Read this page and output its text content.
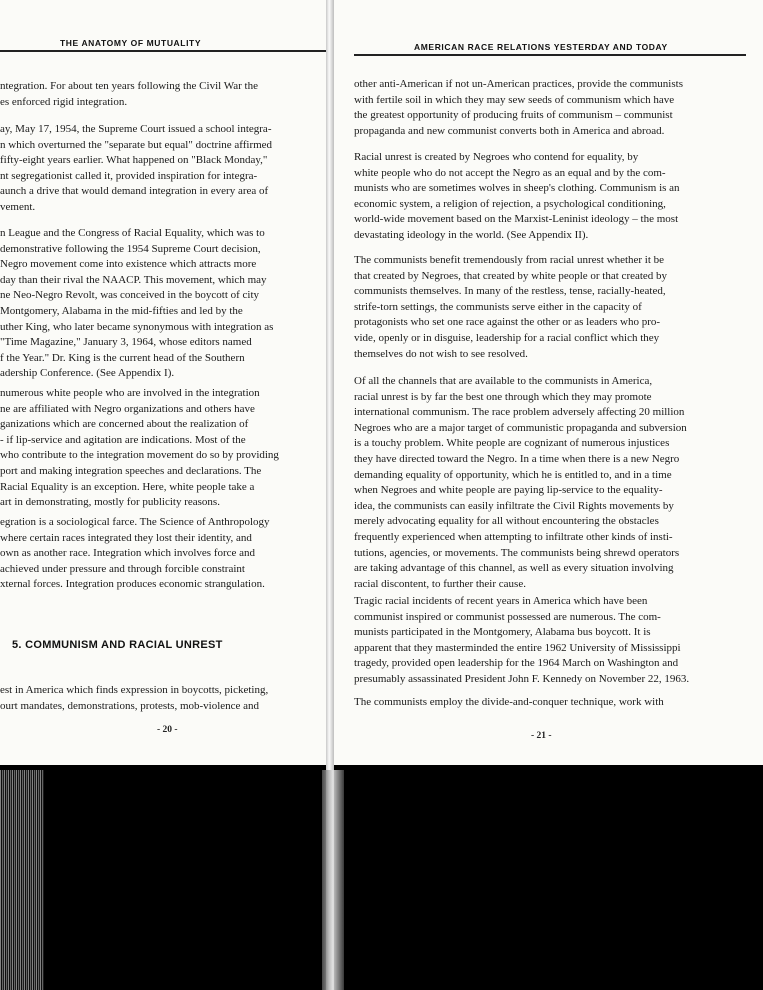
THE ANATOMY OF MUTUALITY
ntegration. For about ten years following the Civil War the
es enforced rigid integration.
ay, May 17, 1954, the Supreme Court issued a school integra-
n which overturned the "separate but equal" doctrine affirmed
fifty-eight years earlier. What happened on "Black Monday,"
nt segregationist called it, provided inspiration for integra-
aunch a drive that would demand integration in every area of
vement.
n League and the Congress of Racial Equality, which was to
demonstrative following the 1954 Supreme Court decision,
Negro movement come into existence which attracts more
day than their rival the NAACP. This movement, which may
ne Neo-Negro Revolt, was conceived in the boycott of city
Montgomery, Alabama in the mid-fifties and led by the
uther King, who later became synonymous with integration as
"Time Magazine," January 3, 1964, whose editors named
f the Year." Dr. King is the current head of the Southern
adership Conference. (See Appendix I).
numerous white people who are involved in the integration
ne are affiliated with Negro organizations and others have
ganizations which are concerned about the realization of
- if lip-service and agitation are indications. Most of the
who contribute to the integration movement do so by providing
port and making integration speeches and declarations. The
Racial Equality is an exception. Here, white people take a
art in demonstrating, mostly for publicity reasons.
egration is a sociological farce. The Science of Anthropology
where certain races integrated they lost their identity, and
own as another race. Integration which involves force and
achieved under pressure and through forcible constraint
xternal forces. Integration produces economic strangulation.
5. COMMUNISM AND RACIAL UNREST
est in America which finds expression in boycotts, picketing,
ourt mandates, demonstrations, protests, mob-violence and
- 20 -
AMERICAN RACE RELATIONS YESTERDAY AND TODAY
other anti-American if not un-American practices, provide the communists
with fertile soil in which they may sew seeds of communism which have
the greatest opportunity of producing fruits of communism – communist
propaganda and new communist converts both in America and abroad.
Racial unrest is created by Negroes who contend for equality, by
white people who do not accept the Negro as an equal and by the com-
munists who are sometimes wolves in sheep's clothing. Communism is an
economic system, a religion of rejection, a psychological conditioning,
world-wide movement based on the Marxist-Leninist ideology – the most
devastating ideology in the world. (See Appendix II).
The communists benefit tremendously from racial unrest whether it be
that created by Negroes, that created by white people or that created by
communists themselves. In many of the restless, tense, racially-heated,
strife-torn settings, the communists serve either in the capacity of
protagonists who set one race against the other or as leaders who pro-
vide, openly or in disguise, leadership for a racial conflict which they
themselves do not wish to see resolved.
Of all the channels that are available to the communists in America,
racial unrest is by far the best one through which they may promote
international communism. The race problem adversely affecting 20 million
Negroes who are a major target of communistic propaganda and subversion
is a touchy problem. White people are cognizant of numerous injustices
they have directed toward the Negro. In a time when there is a new Negro
demanding equality of opportunity, which he is entitled to, and in a time
when Negroes and white people are paying lip-service to the equality-
idea, the communists can easily infiltrate the Civil Rights movements by
merely advocating equality for all without encountering the obstacles
frequently experienced when attempting to infiltrate other kinds of insti-
tutions, agencies, or movements. The communists being shrewd operators
are taking advantage of this channel, as well as every situation involving
racial discontent, to further their cause.
Tragic racial incidents of recent years in America which have been
communist inspired or communist possessed are numerous. The com-
munists participated in the Montgomery, Alabama bus boycott. It is
apparent that they masterminded the entire 1962 University of Mississippi
tragedy, provided open leadership for the 1964 March on Washington and
presumably assassinated President John F. Kennedy on November 22, 1963.
The communists employ the divide-and-conquer technique, work with
- 21 -
